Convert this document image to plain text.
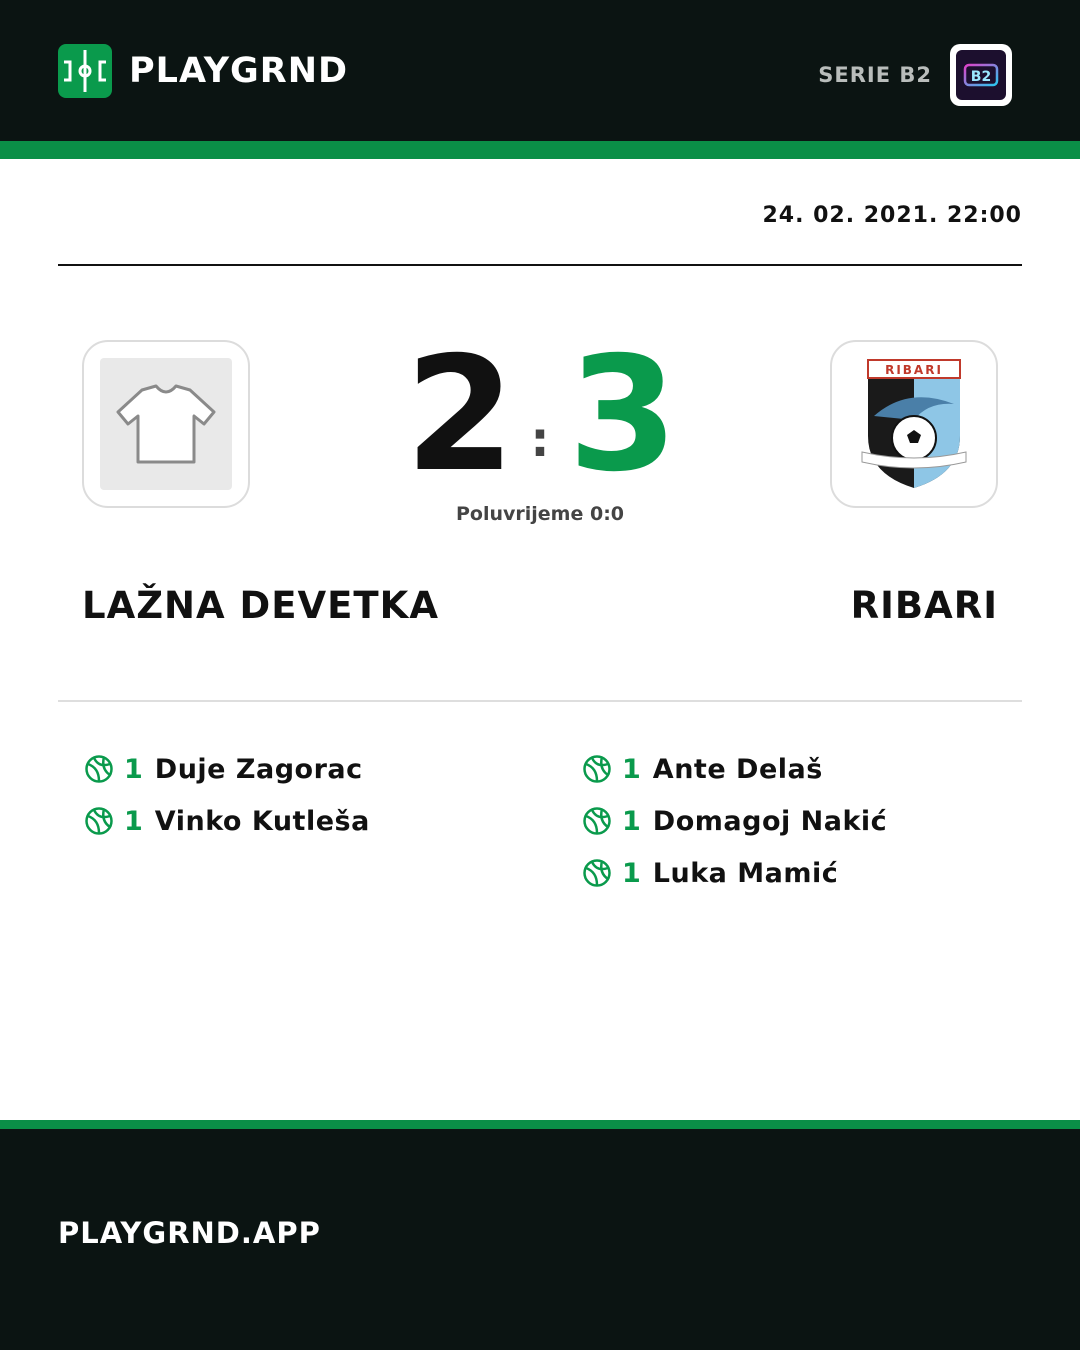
PLAYGRND	SERIE B2	B2
24. 02. 2021. 22:00
RIBARI
2 : 3
Poluvrijeme 0:0
LAŽNA DEVETKA	RIBARI
1 Duje Zagorac
1 Vinko Kutleša
1 Ante Delaš
1 Domagoj Nakić
1 Luka Mamić
PLAYGRND.APP
